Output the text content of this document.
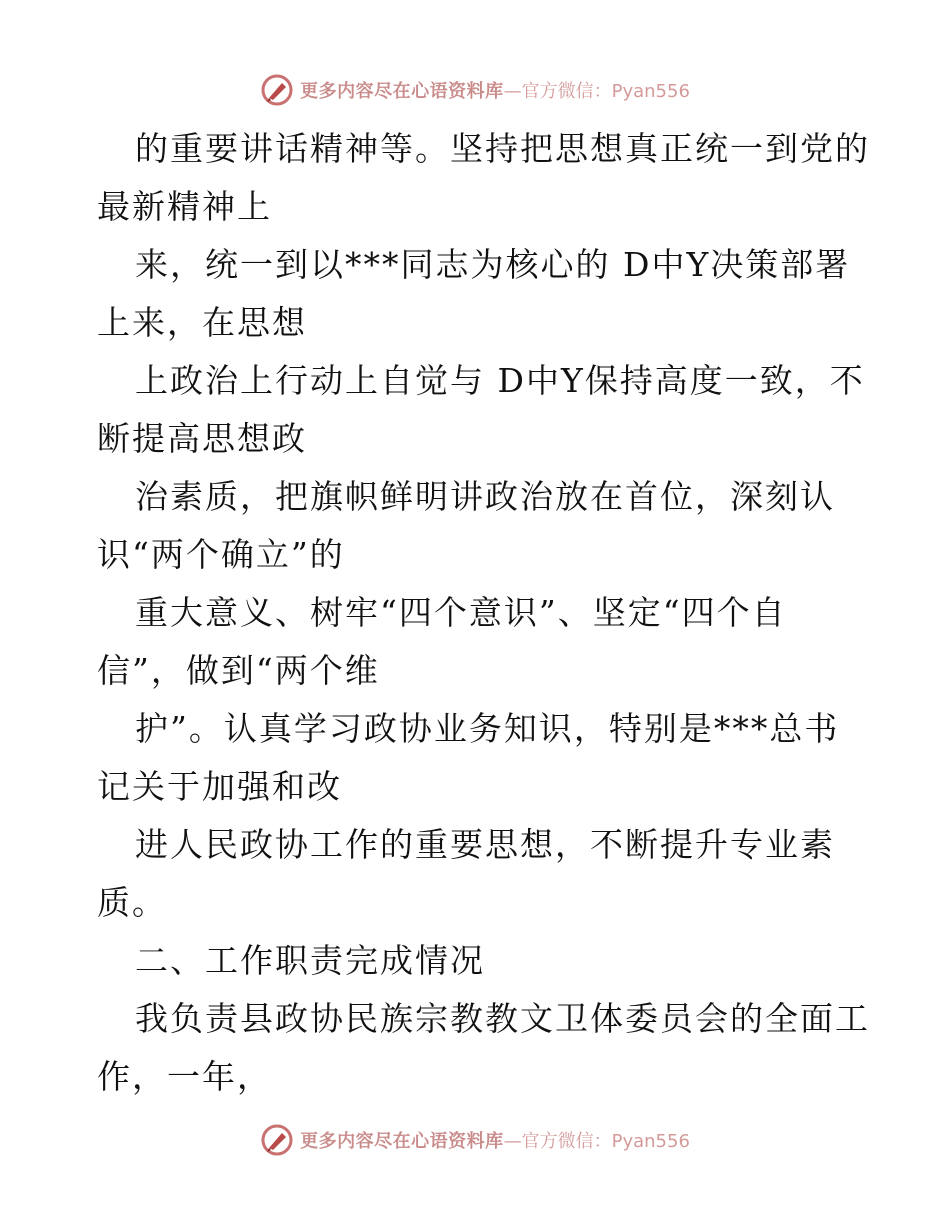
更多内容尽在心语资料库 —官方微信：Pyan556
的重要讲话精神等。坚持把思想真正统一到党的
最新精神上
来，统一到以***同志为核心的 D中Y决策部署
上来，在思想
上政治上行动上自觉与 D中Y保持高度一致，不
断提高思想政
治素质，把旗帜鲜明讲政治放在首位，深刻认
识“两个确立”的
重大意义、树牢“四个意识”、坚定“四个自
信”，做到“两个维
护”。认真学习政协业务知识，特别是***总书
记关于加强和改
进人民政协工作的重要思想，不断提升专业素
质。
二、工作职责完成情况
我负责县政协民族宗教教文卫体委员会的全面工
作，一年，
更多内容尽在心语资料库 —官方微信：Pyan556
